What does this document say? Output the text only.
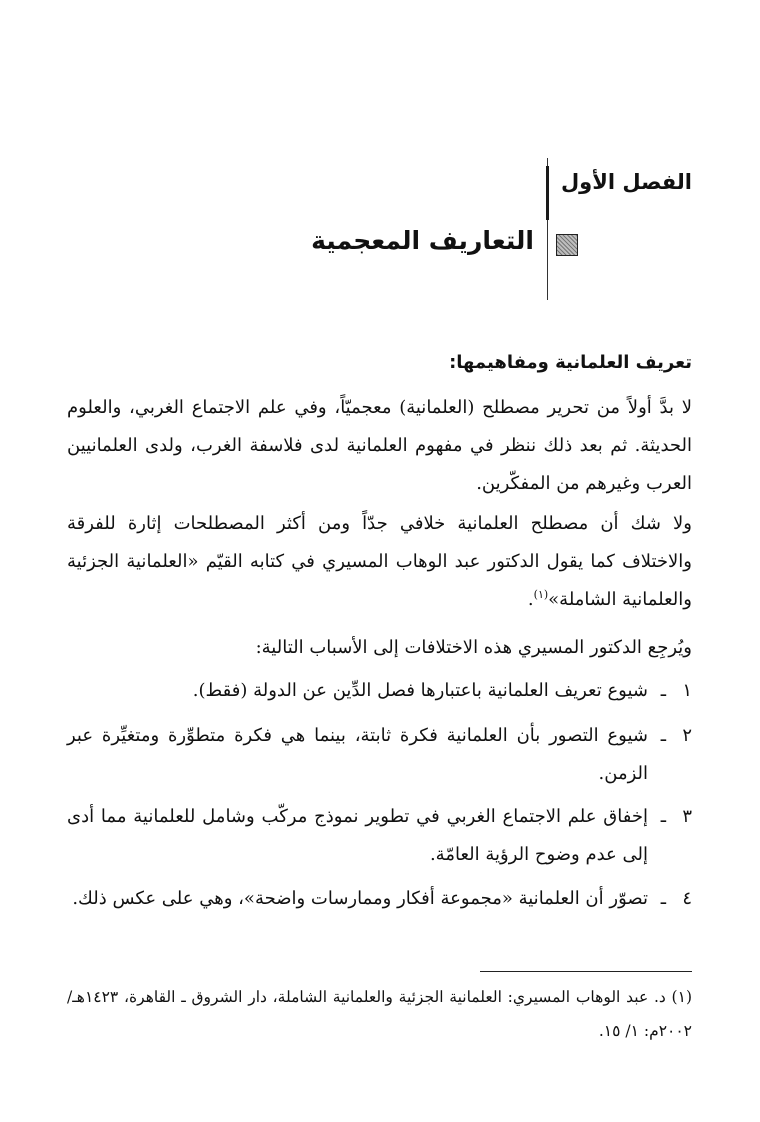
الفصل الأول
التعاريف المعجمية
تعريف العلمانية ومفاهيمها:

لا بدَّ أولاً من تحرير مصطلح (العلمانية) معجميّاً، وفي علم الاجتماع الغربي، والعلوم الحديثة. ثم بعد ذلك ننظر في مفهوم العلمانية لدى فلاسفة الغرب، ولدى العلمانيين العرب وغيرهم من المفكّرين.

ولا شك أن مصطلح العلمانية خلافي جدّاً ومن أكثر المصطلحات إثارة للفرقة والاختلاف كما يقول الدكتور عبد الوهاب المسيري في كتابه القيّم «العلمانية الجزئية والعلمانية الشاملة»$^{(١)}$.

ويُرجِع الدكتور المسيري هذه الاختلافات إلى الأسباب التالية:

١
ـ
شيوع تعريف العلمانية باعتبارها فصل الدِّين عن الدولة (فقط).
٢
ـ
شيوع التصور بأن العلمانية فكرة ثابتة، بينما هي فكرة متطوِّرة ومتغيِّرة عبر الزمن.
٣
ـ
إخفاق علم الاجتماع الغربي في تطوير نموذج مركّب وشامل للعلمانية مما أدى إلى عدم وضوح الرؤية العامّة.
٤
ـ
تصوّر أن العلمانية «مجموعة أفكار وممارسات واضحة»، وهي على عكس ذلك.

(١) د. عبد الوهاب المسيري: العلمانية الجزئية والعلمانية الشاملة، دار الشروق ـ القاهرة، ١٤٢٣هـ/٢٠٠٢م: ١/ ١٥.
